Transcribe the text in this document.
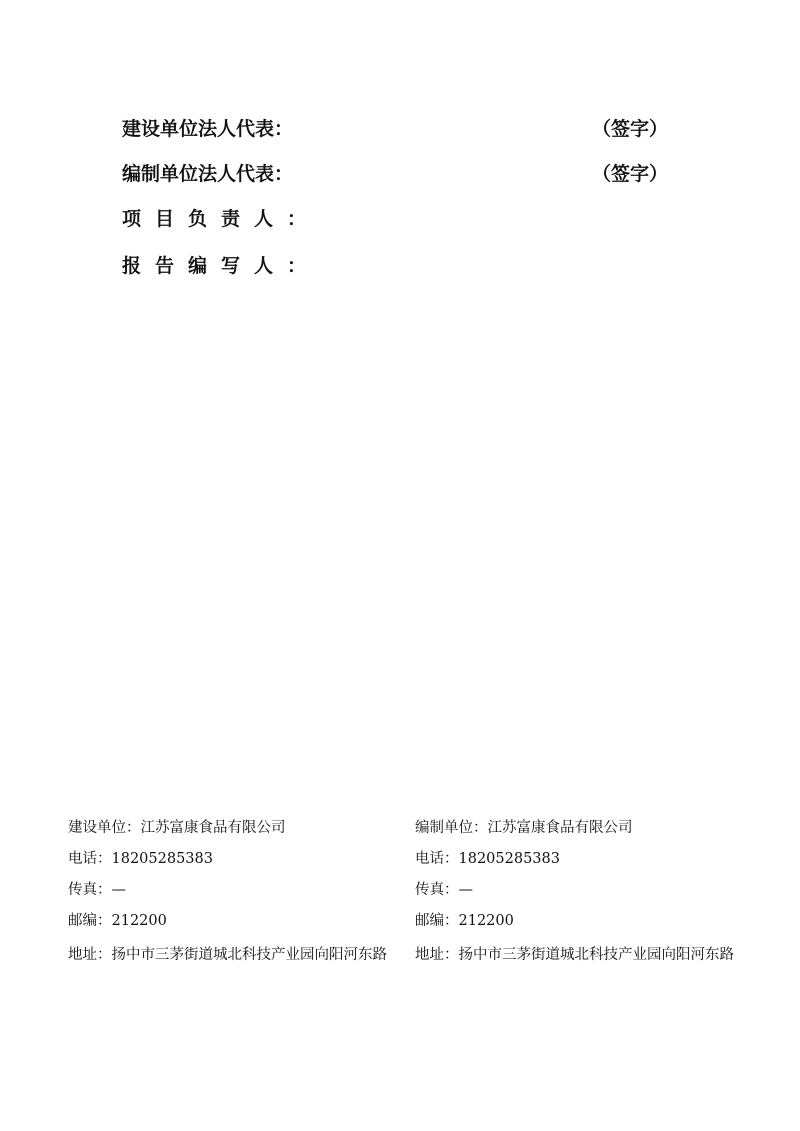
建设单位法人代表：	（签字）
编制单位法人代表：	（签字）
项目负责人：
报告编写人：
建设单位：江苏富康食品有限公司
电话：18205285383
传真：—
邮编：212200
地址：扬中市三茅街道城北科技产业园向阳河东路
编制单位：江苏富康食品有限公司
电话：18205285383
传真：—
邮编：212200
地址：扬中市三茅街道城北科技产业园向阳河东路
